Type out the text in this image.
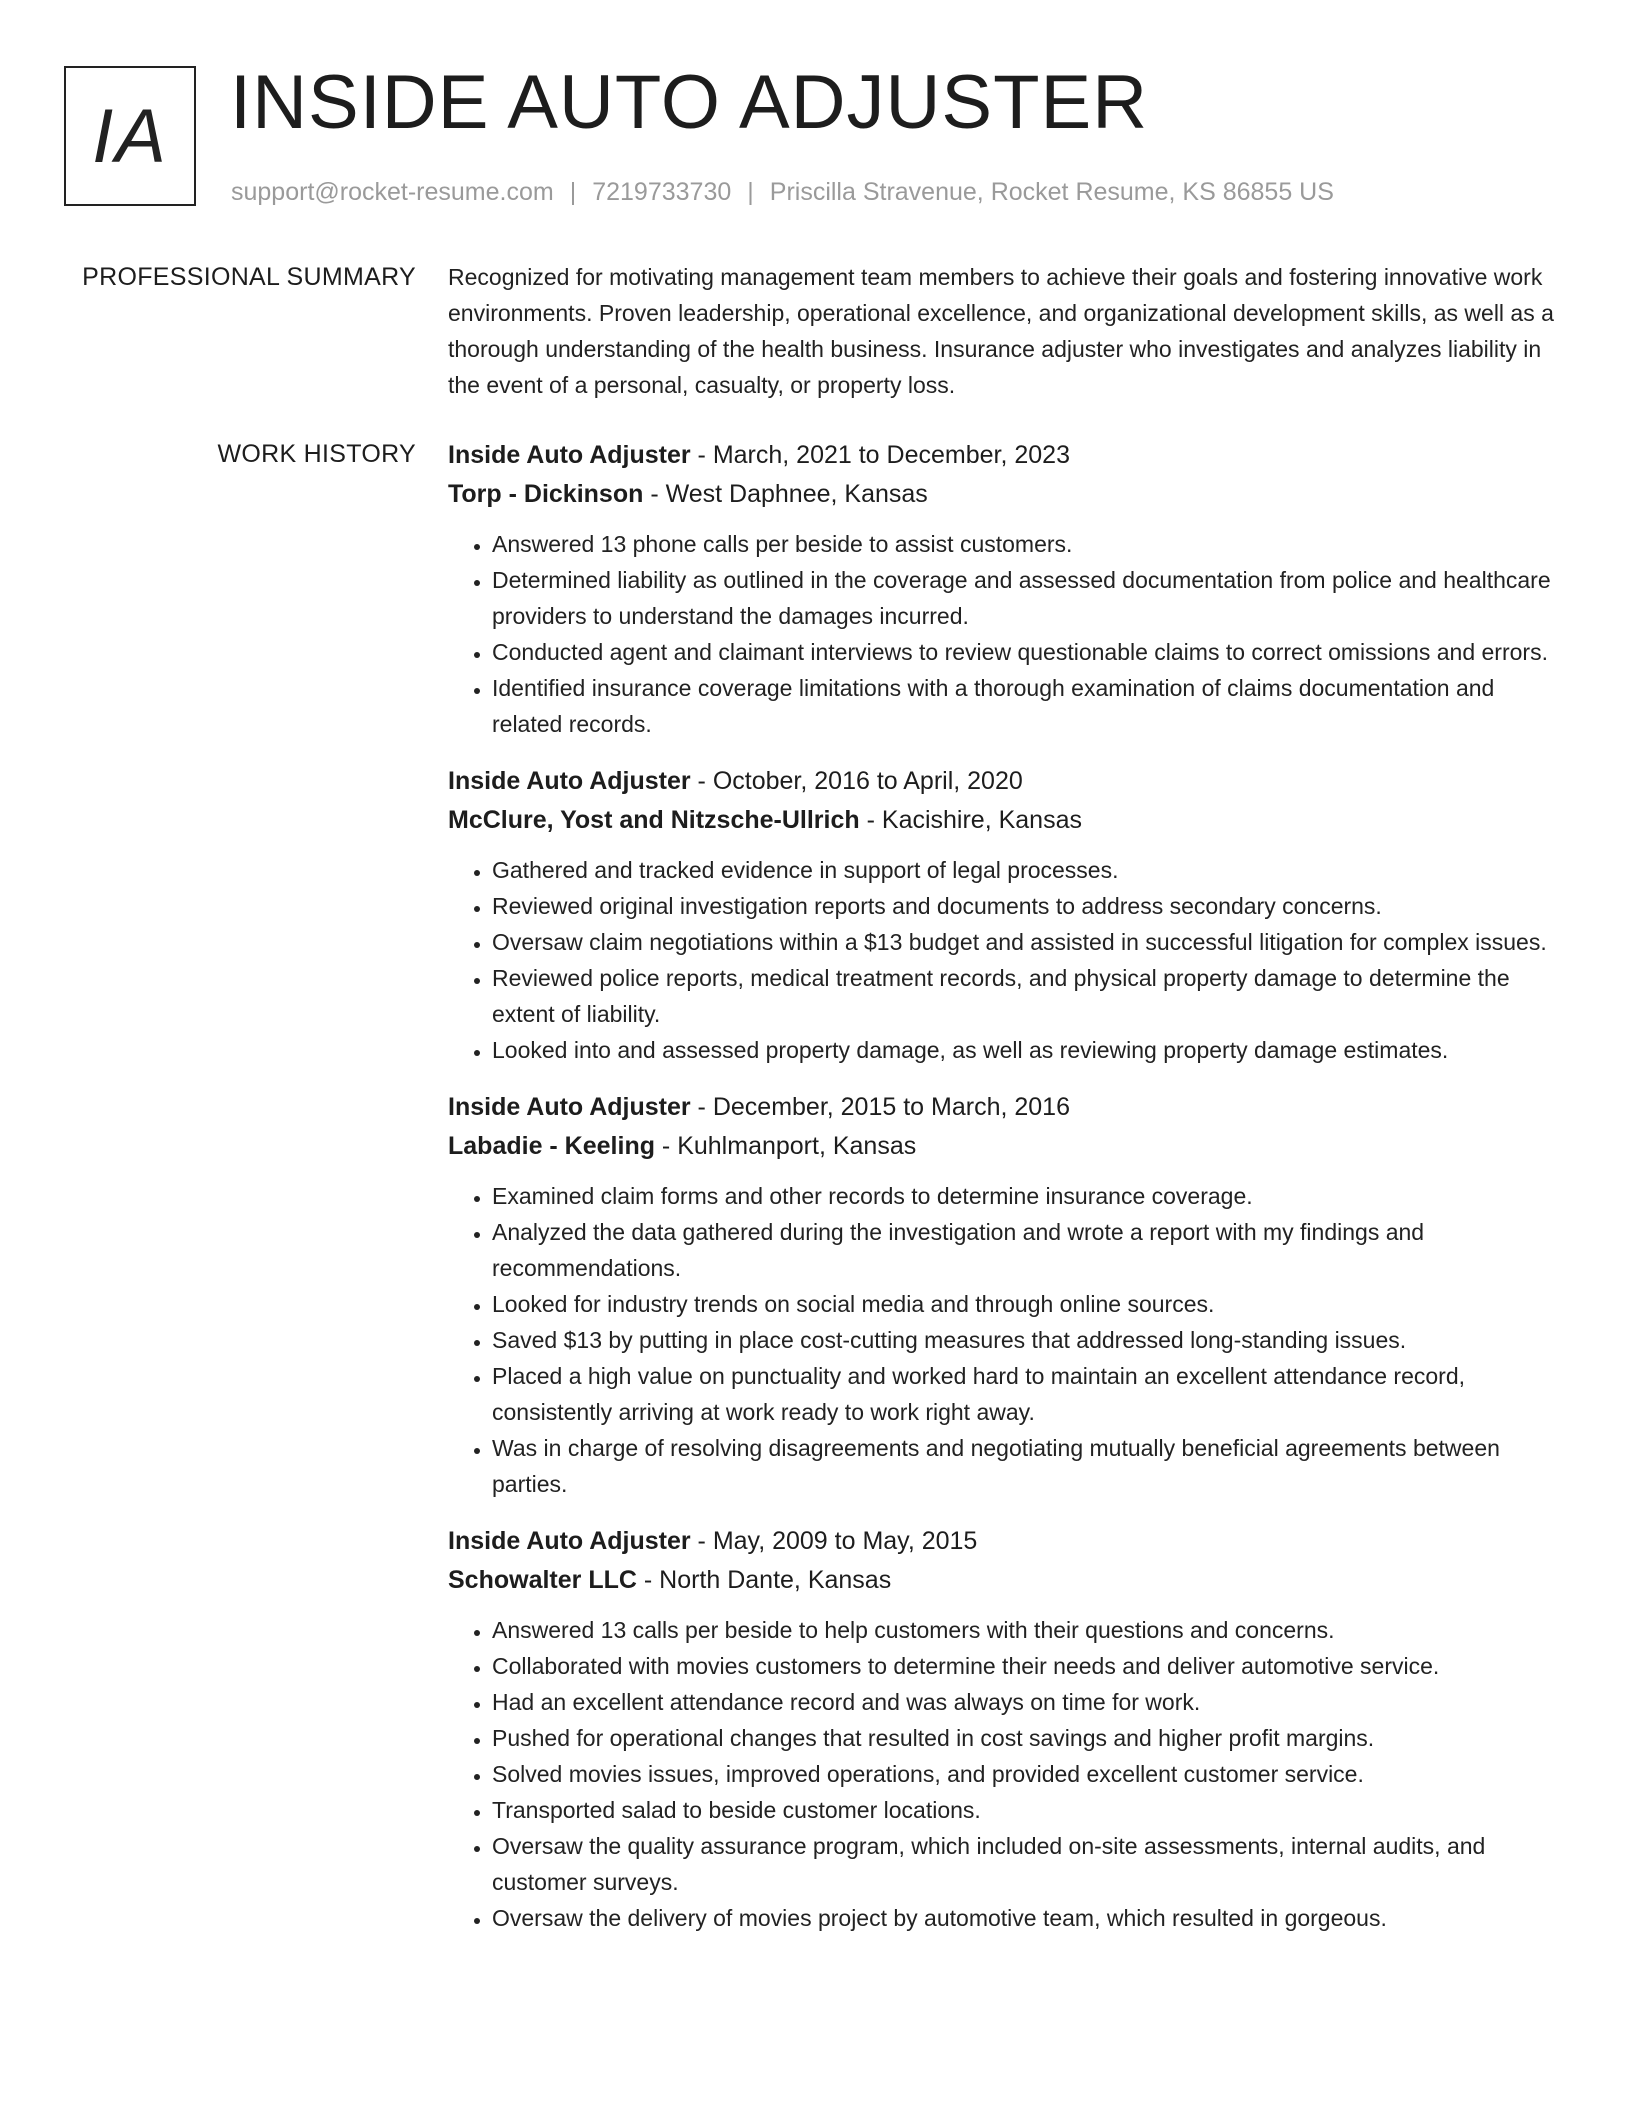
IA INSIDE AUTO ADJUSTER
support@rocket-resume.com | 7219733730 | Priscilla Stravenue, Rocket Resume, KS 86855 US
PROFESSIONAL SUMMARY Recognized for motivating management team members to achieve their goals and fostering innovative work environments. Proven leadership, operational excellence, and organizational development skills, as well as a thorough understanding of the health business. Insurance adjuster who investigates and analyzes liability in the event of a personal, casualty, or property loss.

WORK HISTORY Inside Auto Adjuster - March, 2021 to December, 2023
Torp - Dickinson - West Daphnee, Kansas
• Answered 13 phone calls per beside to assist customers.
• Determined liability as outlined in the coverage and assessed documentation from police and healthcare providers to understand the damages incurred.
• Conducted agent and claimant interviews to review questionable claims to correct omissions and errors.
• Identified insurance coverage limitations with a thorough examination of claims documentation and related records.
Inside Auto Adjuster - October, 2016 to April, 2020
McClure, Yost and Nitzsche-Ullrich - Kacishire, Kansas
• Gathered and tracked evidence in support of legal processes.
• Reviewed original investigation reports and documents to address secondary concerns.
• Oversaw claim negotiations within a $13 budget and assisted in successful litigation for complex issues.
• Reviewed police reports, medical treatment records, and physical property damage to determine the extent of liability.
• Looked into and assessed property damage, as well as reviewing property damage estimates.
Inside Auto Adjuster - December, 2015 to March, 2016
Labadie - Keeling - Kuhlmanport, Kansas
• Examined claim forms and other records to determine insurance coverage.
• Analyzed the data gathered during the investigation and wrote a report with my findings and recommendations.
• Looked for industry trends on social media and through online sources.
• Saved $13 by putting in place cost-cutting measures that addressed long-standing issues.
• Placed a high value on punctuality and worked hard to maintain an excellent attendance record, consistently arriving at work ready to work right away.
• Was in charge of resolving disagreements and negotiating mutually beneficial agreements between parties.
Inside Auto Adjuster - May, 2009 to May, 2015
Schowalter LLC - North Dante, Kansas
• Answered 13 calls per beside to help customers with their questions and concerns.
• Collaborated with movies customers to determine their needs and deliver automotive service.
• Had an excellent attendance record and was always on time for work.
• Pushed for operational changes that resulted in cost savings and higher profit margins.
• Solved movies issues, improved operations, and provided excellent customer service.
• Transported salad to beside customer locations.
• Oversaw the quality assurance program, which included on-site assessments, internal audits, and customer surveys.
• Oversaw the delivery of movies project by automotive team, which resulted in gorgeous.
